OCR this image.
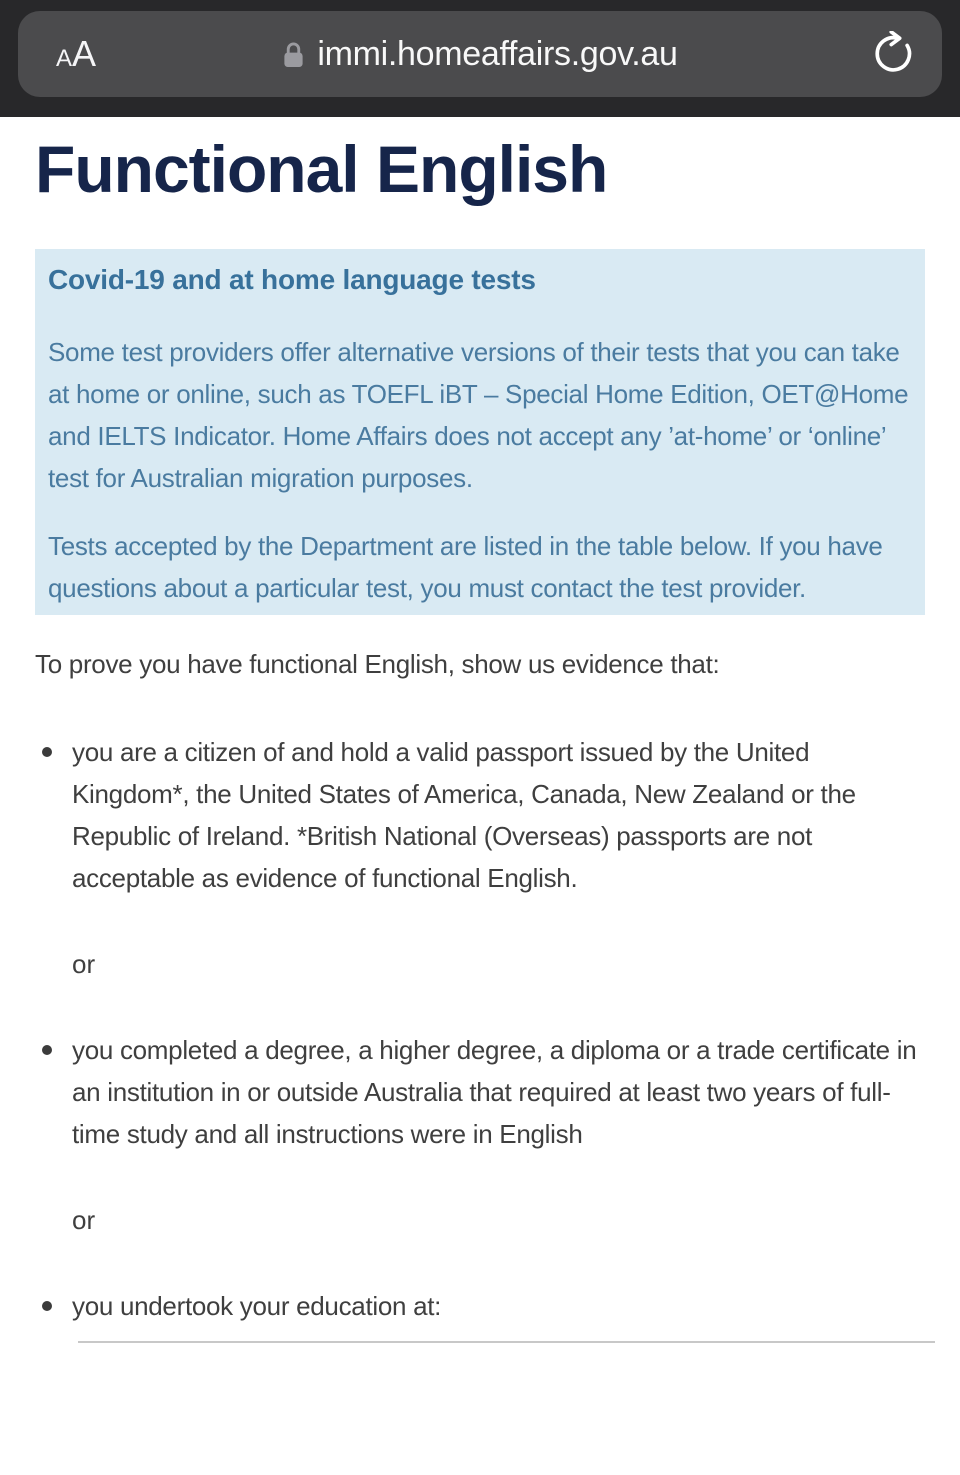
A A	immi.homeaffairs.gov.au
Functional English
Covid-19 and at home language tests

Some test providers offer alternative versions of their tests that you can take at home or online, such as TOEFL iBT – Special Home Edition, OET@Home and IELTS Indicator. Home Affairs does not accept any ’at-home’ or ‘online’ test for Australian migration purposes.

Tests accepted by the Department are listed in the table below. If you have questions about a particular test, you must contact the test provider.

To prove you have functional English, show us evidence that:

you are a citizen of and hold a valid passport issued by the United Kingdom*, the United States of America, Canada, New Zealand or the Republic of Ireland. *British National (Overseas) passports are not acceptable as evidence of functional English.
or
you completed a degree, a higher degree, a diploma or a trade certificate in an institution in or outside Australia that required at least two years of full-time study and all instructions were in English
or
you undertook your education at:
